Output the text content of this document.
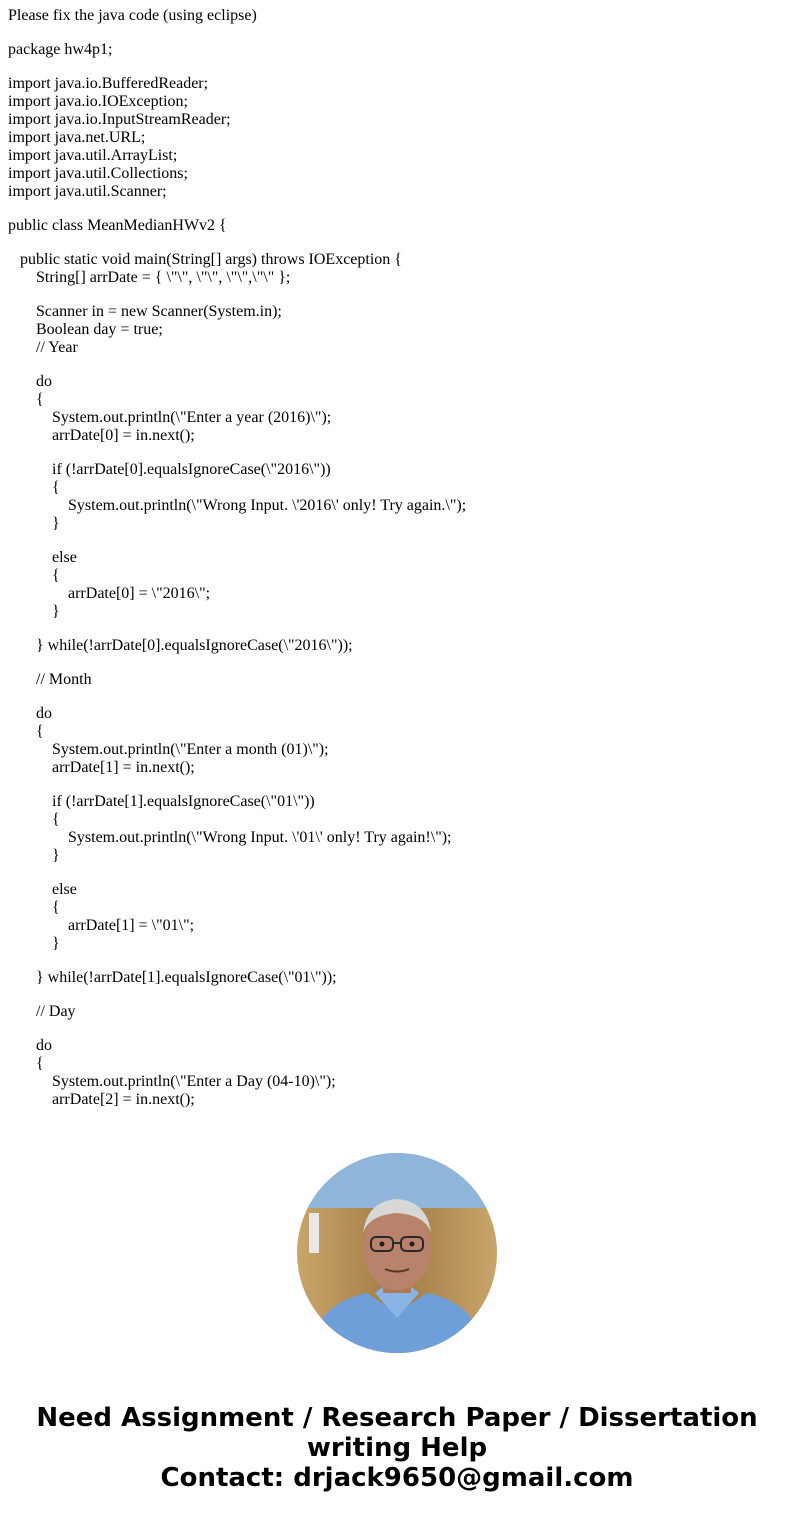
Please fix the java code (using eclipse)
package hw4p1;
import java.io.BufferedReader;
import java.io.IOException;
import java.io.InputStreamReader;
import java.net.URL;
import java.util.ArrayList;
import java.util.Collections;
import java.util.Scanner;
public class MeanMedianHWv2 {
public static void main(String[] args) throws IOException {
String[] arrDate = { \"\", \"\", \"\",\"\" };
Scanner in = new Scanner(System.in);
Boolean day = true;
// Year
do
{
System.out.println(\"Enter a year (2016)\");
arrDate[0] = in.next();
if (!arrDate[0].equalsIgnoreCase(\"2016\"))
{
System.out.println(\"Wrong Input. \'2016\' only! Try again.\");
}
else
{
arrDate[0] = \"2016\";
}
} while(!arrDate[0].equalsIgnoreCase(\"2016\"));
// Month
do
{
System.out.println(\"Enter a month (01)\");
arrDate[1] = in.next();
if (!arrDate[1].equalsIgnoreCase(\"01\"))
{
System.out.println(\"Wrong Input. \'01\' only! Try again!\");
}
else
{
arrDate[1] = \"01\";
}
} while(!arrDate[1].equalsIgnoreCase(\"01\"));
// Day
do
{
System.out.println(\"Enter a Day (04-10)\");
arrDate[2] = in.next();
Need Assignment / Research Paper / Dissertation
writing Help
Contact: drjack9650@gmail.com
